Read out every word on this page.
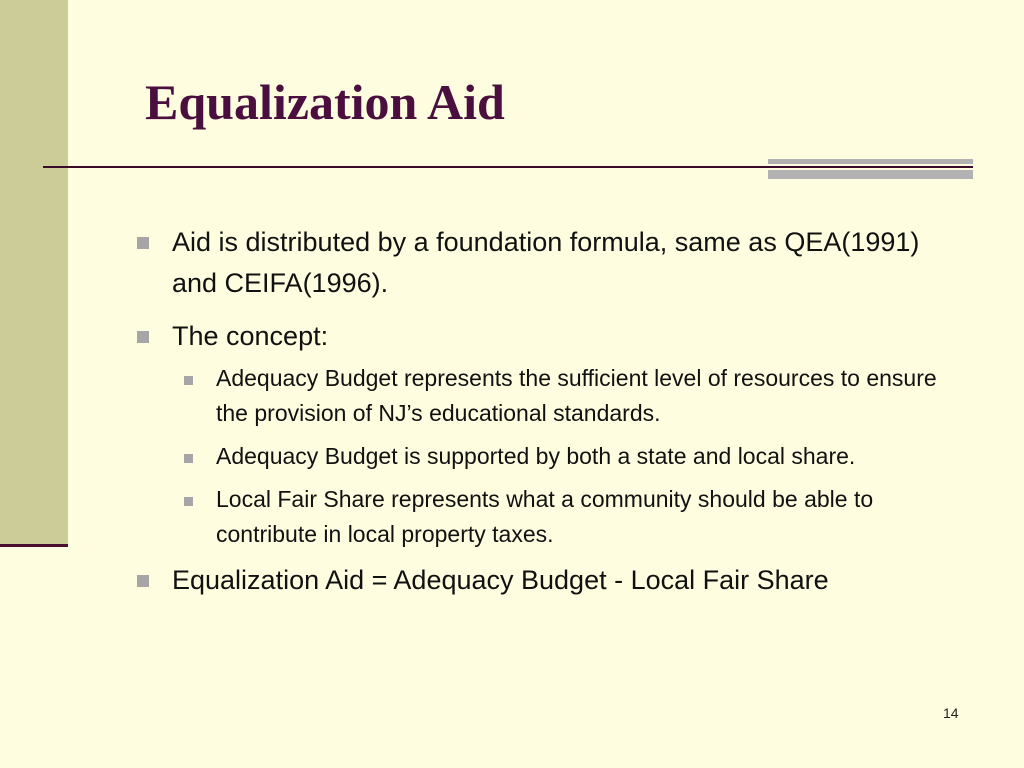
Equalization Aid
Aid is distributed by a foundation formula, same as QEA(1991) and CEIFA(1996).
The concept:
Adequacy Budget represents the sufficient level of resources to ensure the provision of NJ’s educational standards.
Adequacy Budget is supported by both a state and local share.
Local Fair Share represents what a community should be able to contribute in local property taxes.
Equalization Aid = Adequacy Budget - Local Fair Share
14
